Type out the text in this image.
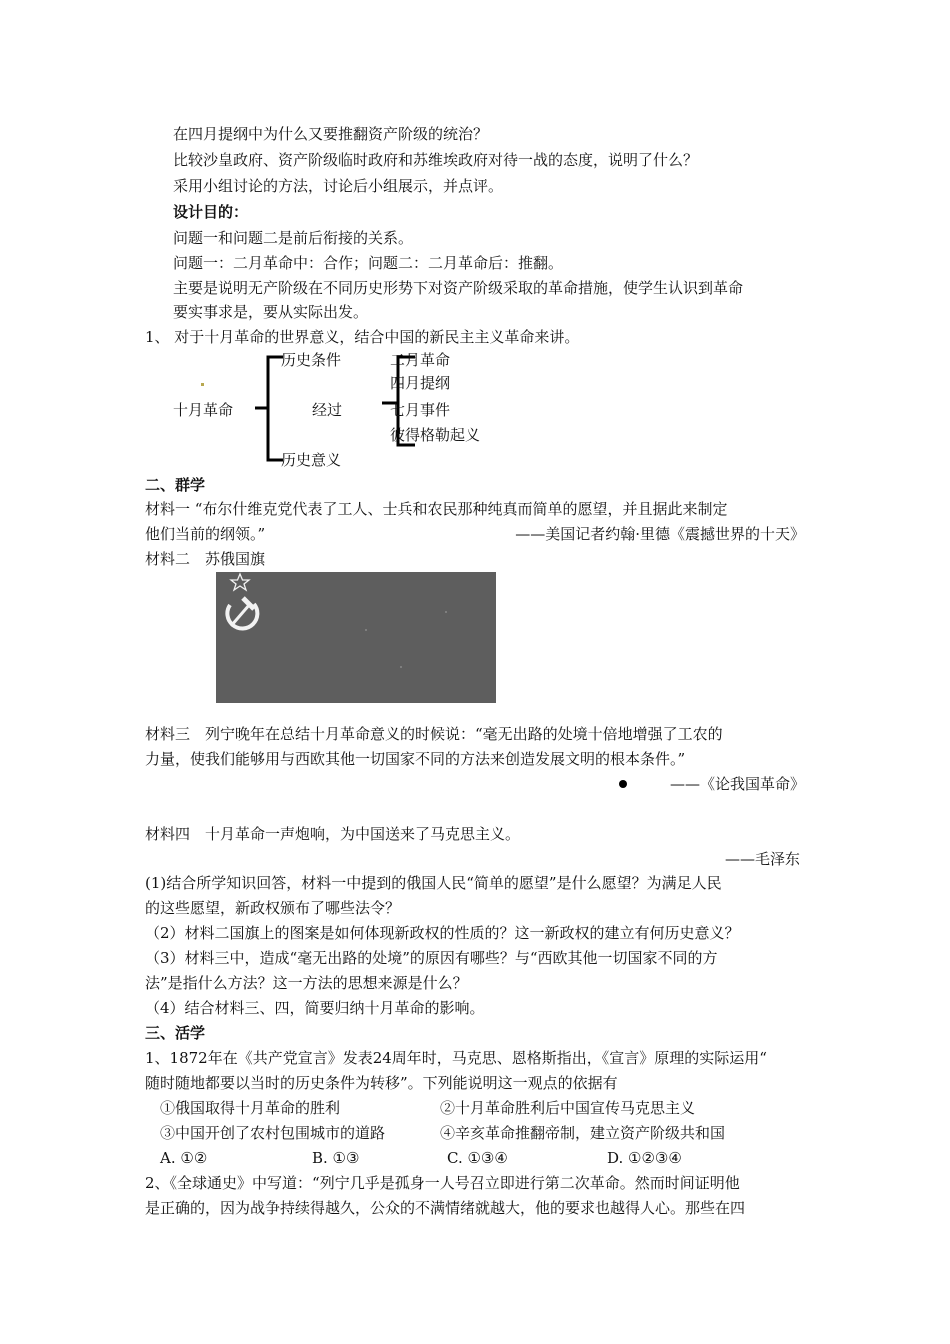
在四月提纲中为什么又要推翻资产阶级的统治？
比较沙皇政府、资产阶级临时政府和苏维埃政府对待一战的态度，说明了什么？
采用小组讨论的方法，讨论后小组展示，并点评。
设计目的：
问题一和问题二是前后衔接的关系。
问题一：二月革命中：合作；问题二：二月革命后：推翻。
主要是说明无产阶级在不同历史形势下对资产阶级采取的革命措施，使学生认识到革命
要实事求是，要从实际出发。
1、 对于十月革命的世界意义，结合中国的新民主主义革命来讲。
十月革命
历史条件
经过
历史意义
二月革命
四月提纲
七月事件
彼得格勒起义
二、群学
材料一 “布尔什维克党代表了工人、士兵和农民那种纯真而简单的愿望，并且据此来制定
他们当前的纲领。”	——美国记者约翰·里德《震撼世界的十天》
材料二　苏俄国旗
材料三　列宁晚年在总结十月革命意义的时候说：“毫无出路的处境十倍地增强了工农的
力量，使我们能够用与西欧其他一切国家不同的方法来创造发展文明的根本条件。”
——《论我国革命》
材料四　十月革命一声炮响，为中国送来了马克思主义。
——毛泽东
(1)结合所学知识回答，材料一中提到的俄国人民“简单的愿望”是什么愿望？为满足人民
的这些愿望，新政权颁布了哪些法令？
（2）材料二国旗上的图案是如何体现新政权的性质的？这一新政权的建立有何历史意义？
（3）材料三中，造成“毫无出路的处境”的原因有哪些？与“西欧其他一切国家不同的方
法”是指什么方法？这一方法的思想来源是什么？
（4）结合材料三、四，简要归纳十月革命的影响。
三、活学
1、1872年在《共产党宣言》发表24周年时，马克思、恩格斯指出，《宣言》原理的实际运用“
随时随地都要以当时的历史条件为转移”。下列能说明这一观点的依据有
①俄国取得十月革命的胜利	②十月革命胜利后中国宣传马克思主义
③中国开创了农村包围城市的道路	④辛亥革命推翻帝制，建立资产阶级共和国
A. ①②	B. ①③	C. ①③④	D. ①②③④
2、《全球通史》中写道：“列宁几乎是孤身一人号召立即进行第二次革命。然而时间证明他
是正确的，因为战争持续得越久，公众的不满情绪就越大，他的要求也越得人心。那些在四
